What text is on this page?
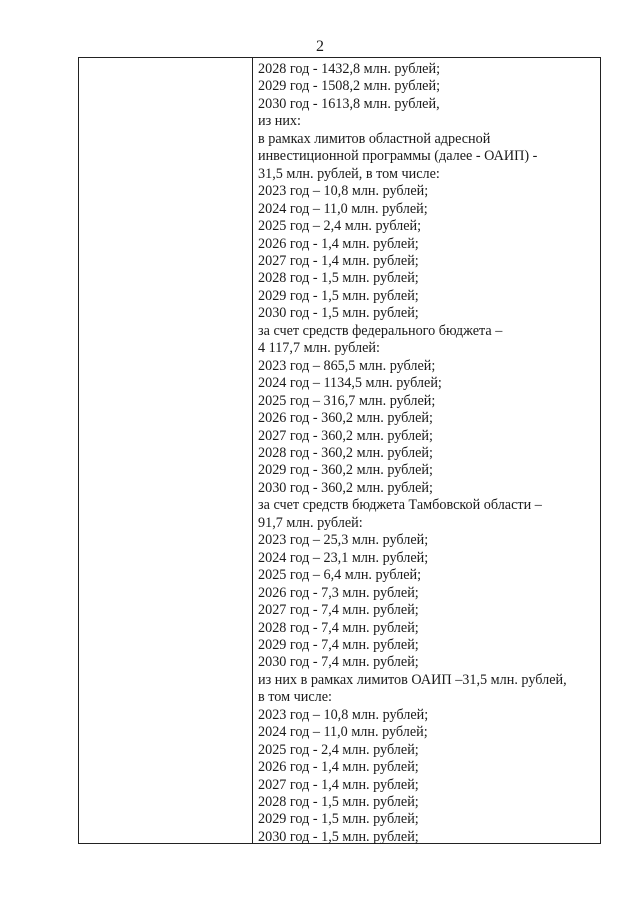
2
2028 год - 1432,8 млн. рублей;
2029 год - 1508,2 млн. рублей;
2030 год - 1613,8 млн. рублей,
из них:
в рамках лимитов областной адресной
инвестиционной программы (далее - ОАИП) -
31,5 млн. рублей, в том числе:
2023 год – 10,8 млн. рублей;
2024 год – 11,0 млн. рублей;
2025 год – 2,4 млн. рублей;
2026 год - 1,4 млн. рублей;
2027 год - 1,4 млн. рублей;
2028 год - 1,5 млн. рублей;
2029 год - 1,5 млн. рублей;
2030 год - 1,5 млн. рублей;
за счет средств федерального бюджета –
4 117,7 млн. рублей:
2023 год – 865,5 млн. рублей;
2024 год – 1134,5 млн. рублей;
2025 год – 316,7 млн. рублей;
2026 год - 360,2 млн. рублей;
2027 год - 360,2 млн. рублей;
2028 год - 360,2 млн. рублей;
2029 год - 360,2 млн. рублей;
2030 год - 360,2 млн. рублей;
за счет средств бюджета Тамбовской области –
91,7 млн. рублей:
2023 год – 25,3 млн. рублей;
2024 год – 23,1 млн. рублей;
2025 год – 6,4 млн. рублей;
2026 год - 7,3 млн. рублей;
2027 год - 7,4 млн. рублей;
2028 год - 7,4 млн. рублей;
2029 год - 7,4 млн. рублей;
2030 год - 7,4 млн. рублей;
из них в рамках лимитов ОАИП –31,5 млн. рублей,
в том числе:
2023 год – 10,8 млн. рублей;
2024 год – 11,0 млн. рублей;
2025 год - 2,4 млн. рублей;
2026 год - 1,4 млн. рублей;
2027 год - 1,4 млн. рублей;
2028 год - 1,5 млн. рублей;
2029 год - 1,5 млн. рублей;
2030 год - 1,5 млн. рублей;
